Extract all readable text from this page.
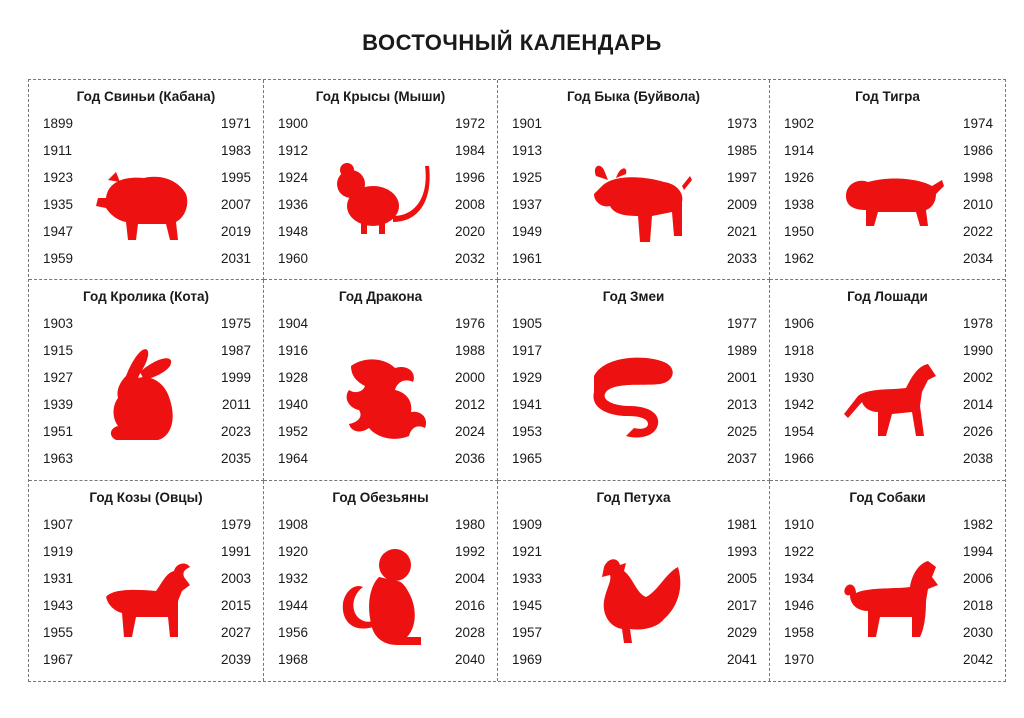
ВОСТОЧНЫЙ КАЛЕНДАРЬ
Год Свиньи (Кабана)
1899
1911
1923
1935
1947
1959
1971
1983
1995
2007
2019
2031
Год Крысы (Мыши)
1900
1912
1924
1936
1948
1960
1972
1984
1996
2008
2020
2032
Год Быка (Буйвола)
1901
1913
1925
1937
1949
1961
1973
1985
1997
2009
2021
2033
Год Тигра
1902
1914
1926
1938
1950
1962
1974
1986
1998
2010
2022
2034
Год Кролика (Кота)
1903
1915
1927
1939
1951
1963
1975
1987
1999
2011
2023
2035
Год Дракона
1904
1916
1928
1940
1952
1964
1976
1988
2000
2012
2024
2036
Год Змеи
1905
1917
1929
1941
1953
1965
1977
1989
2001
2013
2025
2037
Год Лошади
1906
1918
1930
1942
1954
1966
1978
1990
2002
2014
2026
2038
Год Козы (Овцы)
1907
1919
1931
1943
1955
1967
1979
1991
2003
2015
2027
2039
Год Обезьяны
1908
1920
1932
1944
1956
1968
1980
1992
2004
2016
2028
2040
Год Петуха
1909
1921
1933
1945
1957
1969
1981
1993
2005
2017
2029
2041
Год Собаки
1910
1922
1934
1946
1958
1970
1982
1994
2006
2018
2030
2042
